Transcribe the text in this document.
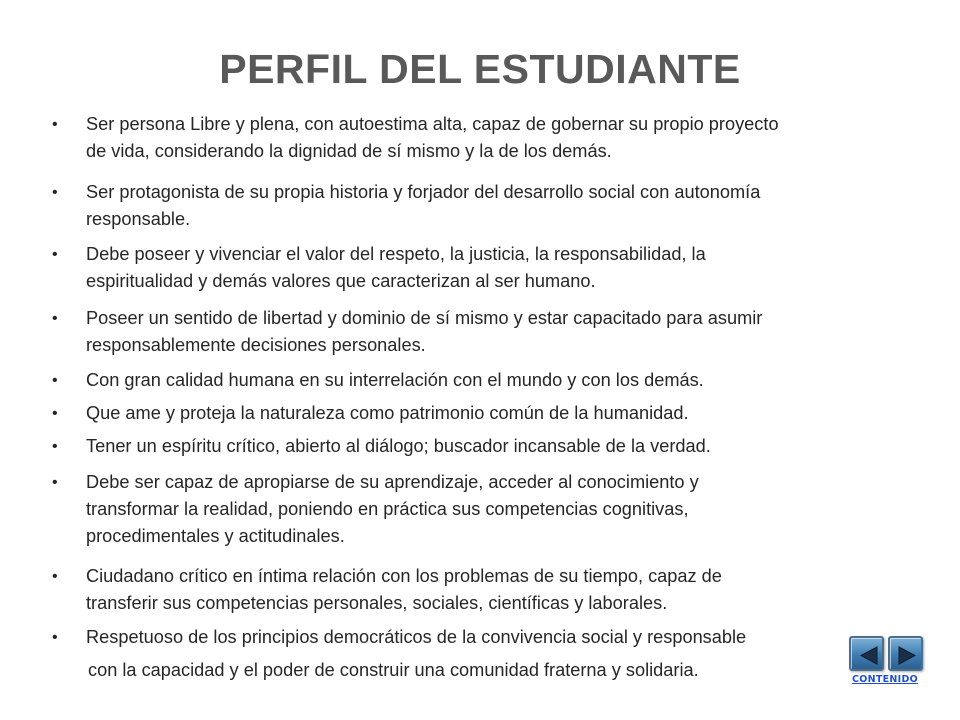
PERFIL DEL ESTUDIANTE
• Ser persona Libre y plena, con autoestima alta, capaz de gobernar su propio proyecto
de vida, considerando la dignidad de sí mismo y la de los demás.
• Ser protagonista de su propia historia y forjador del desarrollo social con autonomía
responsable.
• Debe poseer y vivenciar el valor del respeto, la justicia, la responsabilidad, la
espiritualidad y demás valores que caracterizan al ser humano.
• Poseer un sentido de libertad y dominio de sí mismo y estar capacitado para asumir
responsablemente decisiones personales.
• Con gran calidad humana en su interrelación con el mundo y con los demás.
• Que ame y proteja la naturaleza como patrimonio común de la humanidad.
• Tener un espíritu crítico, abierto al diálogo; buscador incansable de la verdad.
• Debe ser capaz de apropiarse de su aprendizaje, acceder al conocimiento y
transformar la realidad, poniendo en práctica sus competencias cognitivas,
procedimentales y actitudinales.
• Ciudadano crítico en íntima relación con los problemas de su tiempo, capaz de
transferir sus competencias personales, sociales, científicas y laborales.
• Respetuoso de los principios democráticos de la convivencia social y responsable
con la capacidad y el poder de construir una comunidad fraterna y solidaria.	CONTENIDO
